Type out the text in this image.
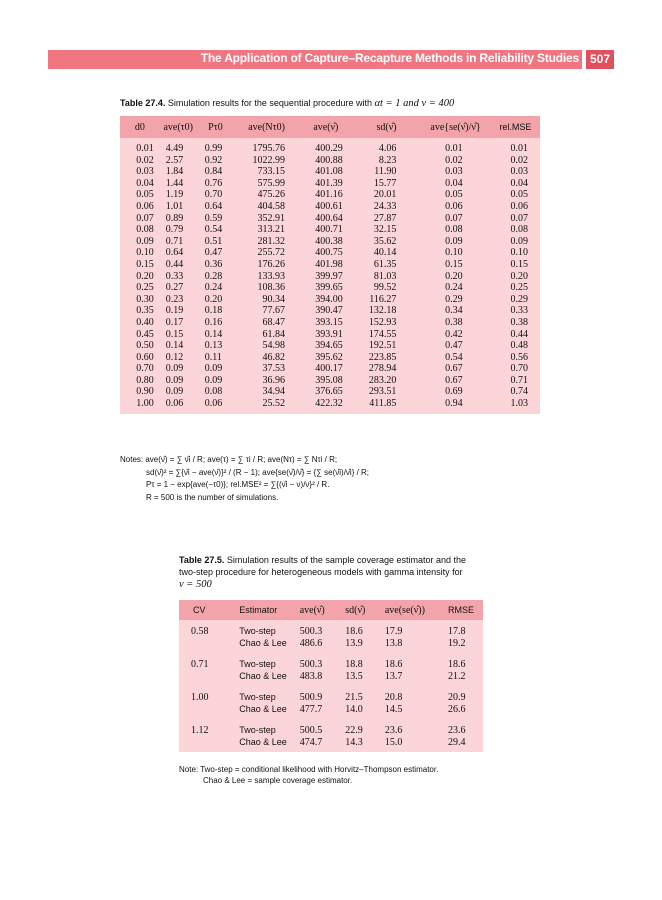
The Application of Capture–Recapture Methods in Reliability Studies 507
Table 27.4. Simulation results for the sequential procedure with αt = 1 and ν = 400
d0	ave(τ0)	Pτ0	ave(Nτ0)	ave(ν̂)	sd(ν̂)	ave{se(ν̂)/ν̂}	rel.MSE
0.01	4.49	0.99	1795.76	400.29	4.06	0.01	0.01
0.02	2.57	0.92	1022.99	400.88	8.23	0.02	0.02
0.03	1.84	0.84	733.15	401.08	11.90	0.03	0.03
0.04	1.44	0.76	575.99	401.39	15.77	0.04	0.04
0.05	1.19	0.70	475.26	401.16	20.01	0.05	0.05
0.06	1.01	0.64	404.58	400.61	24.33	0.06	0.06
0.07	0.89	0.59	352.91	400.64	27.87	0.07	0.07
0.08	0.79	0.54	313.21	400.71	32.15	0.08	0.08
0.09	0.71	0.51	281.32	400.38	35.62	0.09	0.09
0.10	0.64	0.47	255.72	400.75	40.14	0.10	0.10
0.15	0.44	0.36	176.26	401.98	61.35	0.15	0.15
0.20	0.33	0.28	133.93	399.97	81.03	0.20	0.20
0.25	0.27	0.24	108.36	399.65	99.52	0.24	0.25
0.30	0.23	0.20	90.34	394.00	116.27	0.29	0.29
0.35	0.19	0.18	77.67	390.47	132.18	0.34	0.33
0.40	0.17	0.16	68.47	393.15	152.93	0.38	0.38
0.45	0.15	0.14	61.84	393.91	174.55	0.42	0.44
0.50	0.14	0.13	54.98	394.65	192.51	0.47	0.48
0.60	0.12	0.11	46.82	395.62	223.85	0.54	0.56
0.70	0.09	0.09	37.53	400.17	278.94	0.67	0.70
0.80	0.09	0.09	36.96	395.08	283.20	0.67	0.71
0.90	0.09	0.08	34.94	376.65	293.51	0.69	0.74
1.00	0.06	0.06	25.52	422.32	411.85	0.94	1.03
Notes: ave(ν̂) = ∑ ν̂i / R; ave(τ) = ∑ τi / R; ave(Nτ) = ∑ Nτi / R;
sd(ν̂)² = ∑{ν̂i − ave(ν̂)}² / (R − 1); ave{se(ν̂)/ν̂} = {∑ se(ν̂i)/ν̂i} / R;
Pτ = 1 − exp{ave(−τ0)}; rel.MSE² = ∑{(ν̂i − ν)/ν}² / R.
R = 500 is the number of simulations.
Table 27.5. Simulation results of the sample coverage estimator and the
two-step procedure for heterogeneous models with gamma intensity for
ν = 500
CV	Estimator	ave(ν̂)	sd(ν̂)	ave(se(ν̂))	RMSE
0.58	Two-step	500.3	18.6	17.9	17.8
	Chao & Lee	486.6	13.9	13.8	19.2

0.71	Two-step	500.3	18.8	18.6	18.6
	Chao & Lee	483.8	13.5	13.7	21.2

1.00	Two-step	500.9	21.5	20.8	20.9
	Chao & Lee	477.7	14.0	14.5	26.6

1.12	Two-step	500.5	22.9	23.6	23.6
	Chao & Lee	474.7	14.3	15.0	29.4
Note: Two-step = conditional likelihood with Horvitz–Thompson estimator.
Chao & Lee = sample coverage estimator.
